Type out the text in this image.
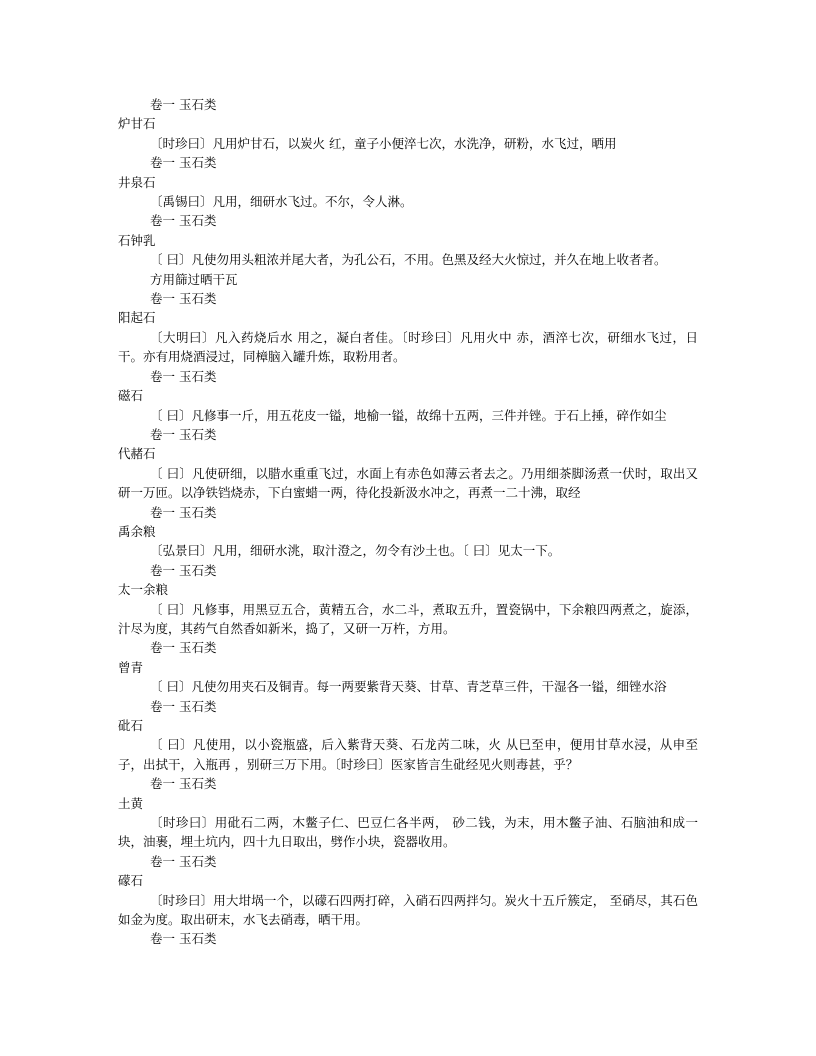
卷一 玉石类
炉甘石
〔时珍曰〕凡用炉甘石，以炭火 红，童子小便淬七次，水洗净，研粉，水飞过，晒用
卷一 玉石类
井泉石
〔禹锡曰〕凡用，细研水飞过。不尔，令人淋。
卷一 玉石类
石钟乳
〔 曰〕凡使勿用头粗浓并尾大者，为孔公石，不用。色黑及经大火惊过，并久在地上收者者。
方用篩过晒干瓦
卷一 玉石类
阳起石
〔大明曰〕凡入药烧后水 用之，凝白者佳。〔时珍曰〕凡用火中 赤，酒淬七次，研细水飞过，日干。亦有用烧酒浸过，同樟脑入罐升炼，取粉用者。
卷一 玉石类
磁石
〔 曰〕凡修事一斤，用五花皮一镒，地榆一镒，故绵十五两，三件并锉。于石上捶，碎作如尘
卷一 玉石类
代赭石
〔 曰〕凡使研细，以腊水重重飞过，水面上有赤色如薄云者去之。乃用细茶脚汤煮一伏时，取出又研一万匝。以净铁铛烧赤，下白蜜蜡一两，待化投新汲水冲之，再煮一二十沸，取经
卷一 玉石类
禹余粮
〔弘景曰〕凡用，细研水洮，取汁澄之，勿令有沙土也。〔 曰〕见太一下。
卷一 玉石类
太一余粮
〔 曰〕凡修事，用黑豆五合，黄精五合，水二斗，煮取五升，置瓷锅中，下余粮四两煮之，旋添，汁尽为度，其药气自然香如新米，捣了，又研一万杵，方用。
卷一 玉石类
曾青
〔 曰〕凡使勿用夹石及铜青。每一两要紫背天葵、甘草、青芝草三件，干湿各一镒，细锉水浴
卷一 玉石类
砒石
〔 曰〕凡使用，以小瓷瓶盛，后入紫背天葵、石龙芮二味，火 从巳至申，便用甘草水浸，从申至子，出拭干，入瓶再 ，别研三万下用。〔时珍曰〕医家皆言生砒经见火则毒甚，乎？
卷一 玉石类
土黄
〔时珍曰〕用砒石二两，木鳖子仁、巴豆仁各半两， 砂二钱，为末，用木鳖子油、石脑油和成一块，油裹，埋土坑内，四十九日取出，劈作小块，瓷器收用。
卷一 玉石类
礞石
〔时珍曰〕用大坩埚一个，以礞石四两打碎，入硝石四两拌匀。炭火十五斤簇定， 至硝尽，其石色如金为度。取出研末，水飞去硝毒，晒干用。
卷一 玉石类
